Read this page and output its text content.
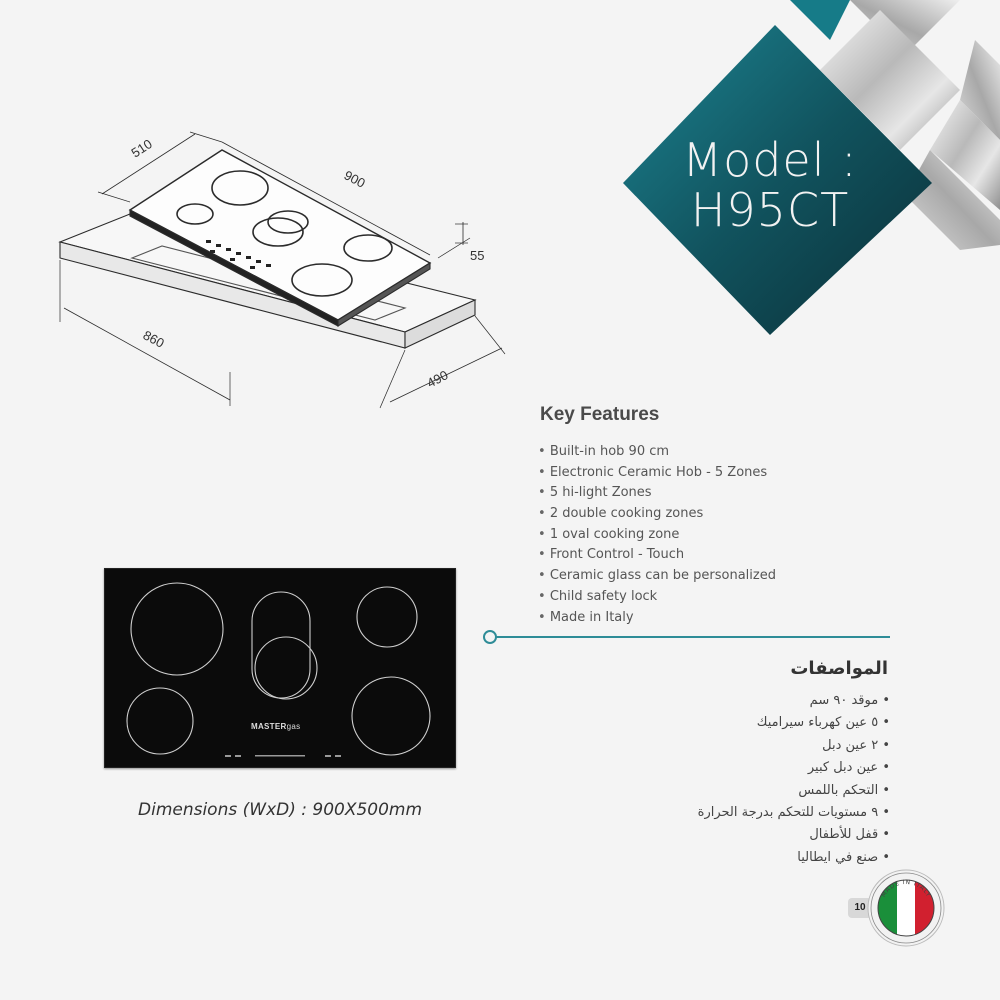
Model :
H95CT
510
900
55
860
490
Key Features
• Built-in hob 90 cm
• Electronic Ceramic Hob - 5 Zones
• 5 hi-light Zones
• 2 double cooking zones
• 1 oval cooking zone
• Front Control - Touch
• Ceramic glass can be personalized
• Child safety lock
• Made in Italy
المواصفات
• موقد ٩٠ سم
• ٥ عين كهرباء سيراميك
• ٢ عين دبل
• عين دبل كبير
• التحكم باللمس
• ٩ مستويات للتحكم بدرجة الحرارة
• قفل للأطفال
• صنع في ايطاليا
MASTERgas
Dimensions (WxD) : 900X500mm
10
MADE IN ITALY
